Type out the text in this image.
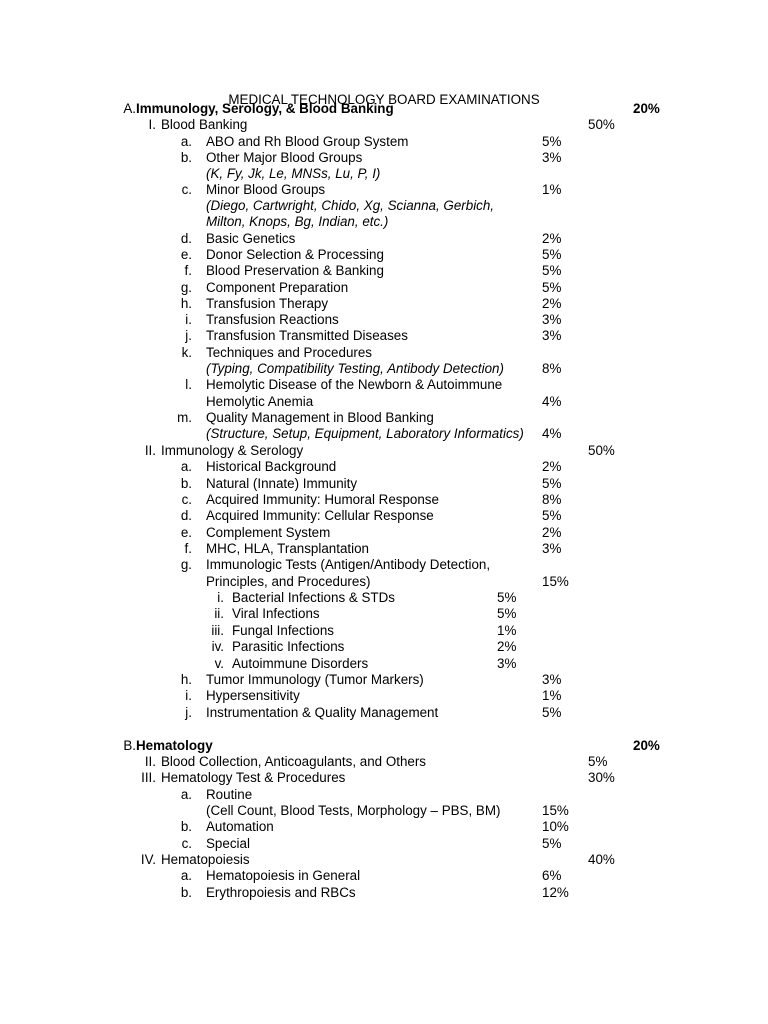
MEDICAL TECHNOLOGY BOARD EXAMINATIONS
A. Immunology, Serology, & Blood Banking	20%
I. Blood Banking	50%
a. ABO and Rh Blood Group System	5%
b. Other Major Blood Groups	3%
(K, Fy, Jk, Le, MNSs, Lu, P, I)
c. Minor Blood Groups	1%
(Diego, Cartwright, Chido, Xg, Scianna, Gerbich,
Milton, Knops, Bg, Indian, etc.)
d. Basic Genetics	2%
e. Donor Selection & Processing	5%
f. Blood Preservation & Banking	5%
g. Component Preparation	5%
h. Transfusion Therapy	2%
i. Transfusion Reactions	3%
j. Transfusion Transmitted Diseases	3%
k. Techniques and Procedures
(Typing, Compatibility Testing, Antibody Detection)	8%
l. Hemolytic Disease of the Newborn & Autoimmune
Hemolytic Anemia	4%
m. Quality Management in Blood Banking
(Structure, Setup, Equipment, Laboratory Informatics) 4%
II. Immunology & Serology	50%
a. Historical Background	2%
b. Natural (Innate) Immunity	5%
c. Acquired Immunity: Humoral Response	8%
d. Acquired Immunity: Cellular Response	5%
e. Complement System	2%
f. MHC, HLA, Transplantation	3%
g. Immunologic Tests (Antigen/Antibody Detection,
Principles, and Procedures)	15%
i. Bacterial Infections & STDs	5%
ii. Viral Infections	5%
iii. Fungal Infections	1%
iv. Parasitic Infections	2%
v. Autoimmune Disorders	3%
h. Tumor Immunology (Tumor Markers)	3%
i. Hypersensitivity	1%
j. Instrumentation & Quality Management	5%
B. Hematology	20%
II. Blood Collection, Anticoagulants, and Others	5%
III. Hematology Test & Procedures	30%
a. Routine
(Cell Count, Blood Tests, Morphology – PBS, BM)	15%
b. Automation	10%
c. Special	5%
IV. Hematopoiesis	40%
a. Hematopoiesis in General	6%
b. Erythropoiesis and RBCs	12%
